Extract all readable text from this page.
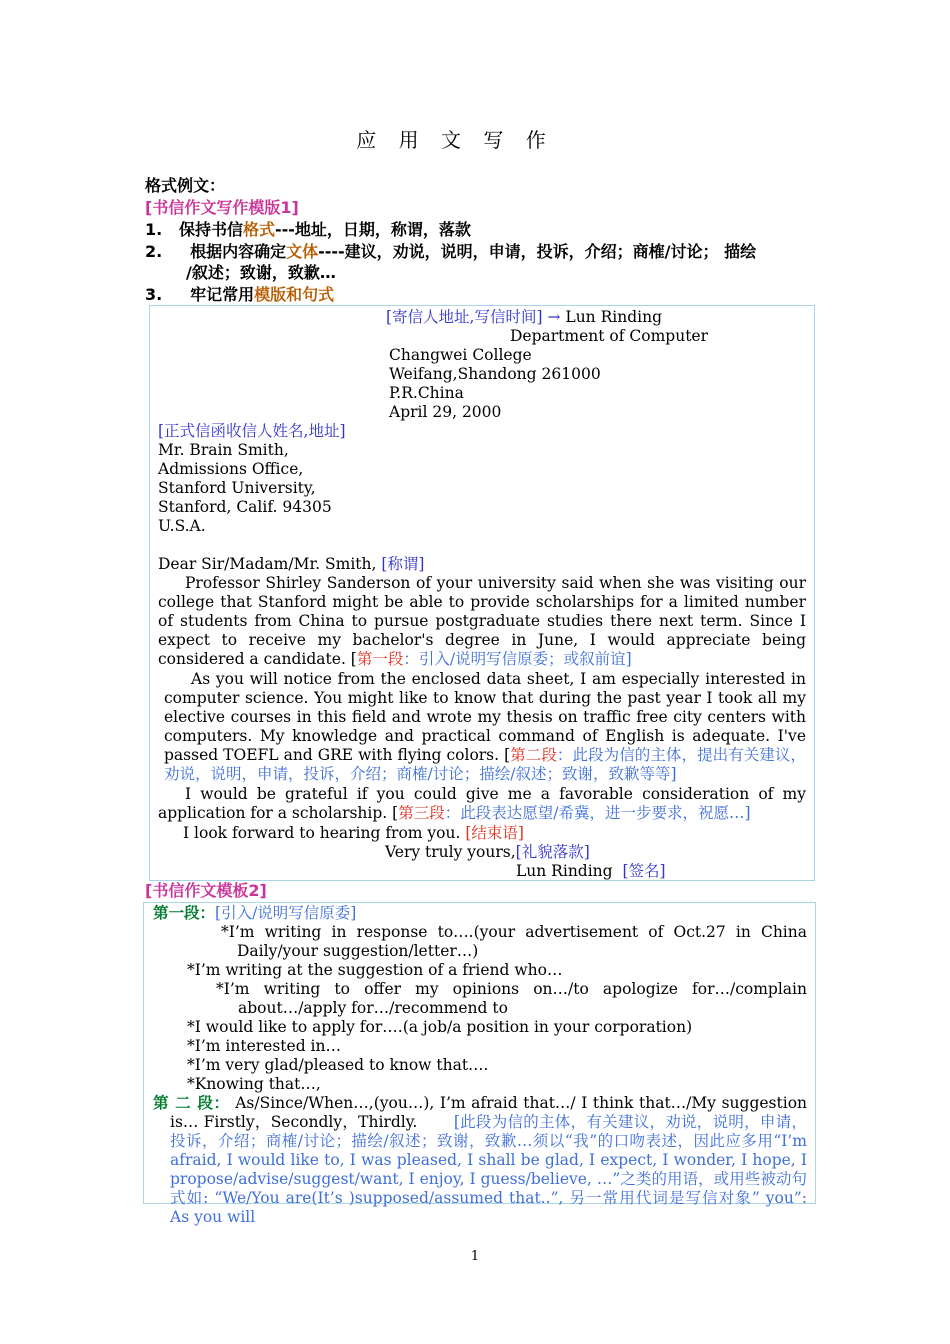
应 用 文 写 作
格式例文：
[书信作文写作模版1]
1. 保持书信格式---地址，日期，称谓，落款
2. 根据内容确定文体----建议，劝说，说明，申请，投诉，介绍；商榷/讨论； 描绘
/叙述；致谢，致歉…
3. 牢记常用模版和句式
[寄信人地址,写信时间] → Lun Rinding
Department of Computer
Changwei College
Weifang,Shandong 261000
P.R.China
April 29, 2000
[正式信函收信人姓名,地址]
Mr. Brain Smith,
Admissions Office,
Stanford University,
Stanford, Calif. 94305
U.S.A.
Dear Sir/Madam/Mr. Smith, [称谓]
Professor Shirley Sanderson of your university said when she was visiting our college that Stanford might be able to provide scholarships for a limited number of students from China to pursue postgraduate studies there next term. Since I expect to receive my bachelor's degree in June, I would appreciate being considered a candidate. [第一段：引入/说明写信原委；或叙前谊]
As you will notice from the enclosed data sheet, I am especially interested in computer science. You might like to know that during the past year I took all my elective courses in this field and wrote my thesis on traffic free city centers with computers. My knowledge and practical command of English is adequate. I've passed TOEFL and GRE with flying colors. [第二段：此段为信的主体，提出有关建议，劝说，说明，申请，投诉，介绍；商榷/讨论；描绘/叙述；致谢，致歉等等]
I would be grateful if you could give me a favorable consideration of my application for a scholarship. [第三段：此段表达愿望/希冀，进一步要求，祝愿…]
I look forward to hearing from you. [结束语]
Very truly yours,[礼貌落款]
Lun Rinding [签名]
[书信作文模板2]
第一段：[引入/说明写信原委]
*I’m writing in response to….(your advertisement of Oct.27 in China Daily/your suggestion/letter…)
*I’m writing at the suggestion of a friend who…
*I’m writing to offer my opinions on…/to apologize for…/complain about…/apply for…/recommend to
*I would like to apply for….(a job/a position in your corporation)
*I’m interested in…
*I’m very glad/pleased to know that….
*Knowing that…,
第 二 段： As/Since/When…,(you…), I’m afraid that…/ I think that…/My suggestion is… Firstly，Secondly，Thirdly. [此段为信的主体，有关建议，劝说，说明，申请，投诉，介绍；商榷/讨论；描绘/叙述；致谢，致歉…须以“我”的口吻表述，因此应多用“I’m afraid, I would like to, I was pleased, I shall be glad, I expect, I wonder, I hope, I propose/advise/suggest/want, I enjoy, I guess/believe, …”之类的用语，或用些被动句式如: “We/You are(It’s )supposed/assumed that..”, 另一常用代词是写信对象” you”: As you will
1
